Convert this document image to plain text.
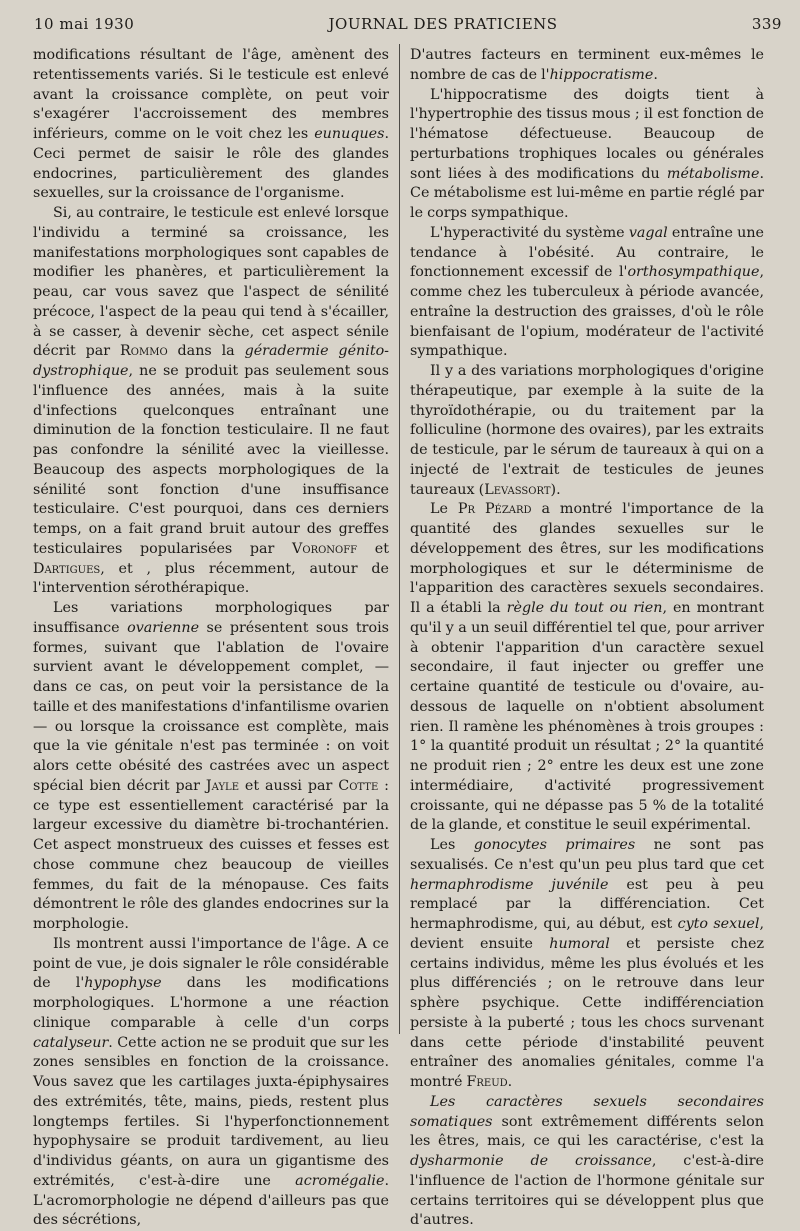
10 mai 1930	JOURNAL DES PRATICIENS	339

modifications résultant de l'âge, amènent des retentissements variés. Si le testicule est enlevé avant la croissance complète, on peut voir s'exagérer l'accroissement des membres inférieurs, comme on le voit chez les eunuques. Ceci permet de saisir le rôle des glandes endocrines, particulièrement des glandes sexuelles, sur la croissance de l'organisme.

Si, au contraire, le testicule est enlevé lorsque l'individu a terminé sa croissance, les manifestations morphologiques sont capables de modifier les phanères, et particulièrement la peau, car vous savez que l'aspect de sénilité précoce, l'aspect de la peau qui tend à s'écailler, à se casser, à devenir sèche, cet aspect sénile décrit par Rommo dans la géradermie génito-dystrophique, ne se produit pas seulement sous l'influence des années, mais à la suite d'infections quelconques entraînant une diminution de la fonction testiculaire. Il ne faut pas confondre la sénilité avec la vieillesse. Beaucoup des aspects morphologiques de la sénilité sont fonction d'une insuffisance testiculaire. C'est pourquoi, dans ces derniers temps, on a fait grand bruit autour des greffes testiculaires popularisées par Voronoff et Dartigues, et , plus récemment, autour de l'intervention sérothérapique.

Les variations morphologiques par insuffisance ovarienne se présentent sous trois formes, suivant que l'ablation de l'ovaire survient avant le développement complet, — dans ce cas, on peut voir la persistance de la taille et des manifestations d'infantilisme ovarien — ou lorsque la croissance est complète, mais que la vie génitale n'est pas terminée : on voit alors cette obésité des castrées avec un aspect spécial bien décrit par Jayle et aussi par Cotte : ce type est essentiellement caractérisé par la largeur excessive du diamètre bi-trochantérien. Cet aspect monstrueux des cuisses et fesses est chose commune chez beaucoup de vieilles femmes, du fait de la ménopause. Ces faits démontrent le rôle des glandes endocrines sur la morphologie.

Ils montrent aussi l'importance de l'âge. A ce point de vue, je dois signaler le rôle considérable de l'hypophyse dans les modifications morphologiques. L'hormone a une réaction clinique comparable à celle d'un corps catalyseur. Cette action ne se produit que sur les zones sensibles en fonction de la croissance. Vous savez que les cartilages juxta-épiphysaires des extrémités, tête, mains, pieds, restent plus longtemps fertiles. Si l'hyperfonctionnement hypophysaire se produit tardivement, au lieu d'individus géants, on aura un gigantisme des extrémités, c'est-à-dire une acromégalie. L'acromorphologie ne dépend d'ailleurs pas que des sécrétions,

D'autres facteurs en terminent eux-mêmes le nombre de cas de l'hippocratisme.

L'hippocratisme des doigts tient à l'hypertrophie des tissus mous ; il est fonction de l'hématose défectueuse. Beaucoup de perturbations trophiques locales ou générales sont liées à des modifications du métabolisme. Ce métabolisme est lui-même en partie réglé par le corps sympathique.

L'hyperactivité du système vagal entraîne une tendance à l'obésité. Au contraire, le fonctionnement excessif de l'orthosympathique, comme chez les tuberculeux à période avancée, entraîne la destruction des graisses, d'où le rôle bienfaisant de l'opium, modérateur de l'activité sympathique.

Il y a des variations morphologiques d'origine thérapeutique, par exemple à la suite de la thyroïdothérapie, ou du traitement par la folliculine (hormone des ovaires), par les extraits de testicule, par le sérum de taureaux à qui on a injecté de l'extrait de testicules de jeunes taureaux (Levassort).

Le Pr Pézard a montré l'importance de la quantité des glandes sexuelles sur le développement des êtres, sur les modifications morphologiques et sur le déterminisme de l'apparition des caractères sexuels secondaires. Il a établi la règle du tout ou rien, en montrant qu'il y a un seuil différentiel tel que, pour arriver à obtenir l'apparition d'un caractère sexuel secondaire, il faut injecter ou greffer une certaine quantité de testicule ou d'ovaire, au-dessous de laquelle on n'obtient absolument rien. Il ramène les phénomènes à trois groupes : 1° la quantité produit un résultat ; 2° la quantité ne produit rien ; 2° entre les deux est une zone intermédiaire, d'activité progressivement croissante, qui ne dépasse pas 5 % de la totalité de la glande, et constitue le seuil expérimental.

Les gonocytes primaires ne sont pas sexualisés. Ce n'est qu'un peu plus tard que cet hermaphrodisme juvénile est peu à peu remplacé par la différenciation. Cet hermaphrodisme, qui, au début, est cyto sexuel, devient ensuite humoral et persiste chez certains individus, même les plus évolués et les plus différenciés ; on le retrouve dans leur sphère psychique. Cette indifférenciation persiste à la puberté ; tous les chocs survenant dans cette période d'instabilité peuvent entraîner des anomalies génitales, comme l'a montré Freud.

Les caractères sexuels secondaires somatiques sont extrêmement différents selon les êtres, mais, ce qui les caractérise, c'est la dysharmonie de croissance, c'est-à-dire l'influence de l'action de l'hormone génitale sur certains territoires qui se développent plus que d'autres.
